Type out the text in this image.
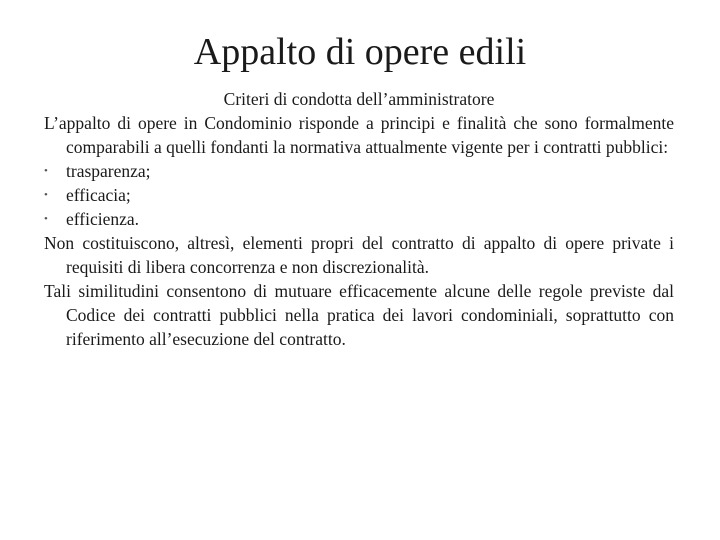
Appalto di opere edili

Criteri di condotta dell’amministratore

L’appalto di opere in Condominio risponde a principi e finalità che sono formalmente comparabili a quelli fondanti la normativa attualmente vigente per i contratti pubblici:

• trasparenza;

• efficacia;

• efficienza.

Non costituiscono, altresì, elementi propri del contratto di appalto di opere private i requisiti di libera concorrenza e non discrezionalità.

Tali similitudini consentono di mutuare efficacemente alcune delle regole previste dal Codice dei contratti pubblici nella pratica dei lavori condominiali, soprattutto con riferimento all’esecuzione del contratto.
